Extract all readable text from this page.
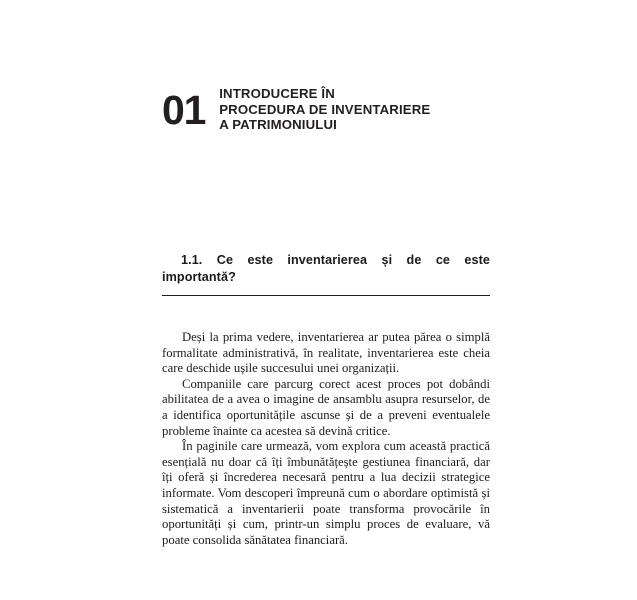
01 INTRODUCERE ÎN
PROCEDURA DE INVENTARIERE
A PATRIMONIULUI
1.1. Ce este inventarierea și de ce este importantă?

Deși la prima vedere, inventarierea ar putea părea o simplă formalitate administrativă, în realitate, inventarierea este cheia care deschide ușile succesului unei organizații.

Companiile care parcurg corect acest proces pot dobândi abilitatea de a avea o imagine de ansamblu asupra resurselor, de a identifica oportunitățile ascunse și de a preveni eventualele probleme înainte ca acestea să devină critice.

În paginile care urmează, vom explora cum această practică esențială nu doar că îți îmbunătățește gestiunea financiară, dar îți oferă și încrederea necesară pentru a lua decizii strategice informate. Vom descoperi împreună cum o abordare optimistă și sistematică a inventarierii poate transforma provocările în oportunități și cum, printr-un simplu proces de evaluare, vă poate consolida sănătatea financiară.
